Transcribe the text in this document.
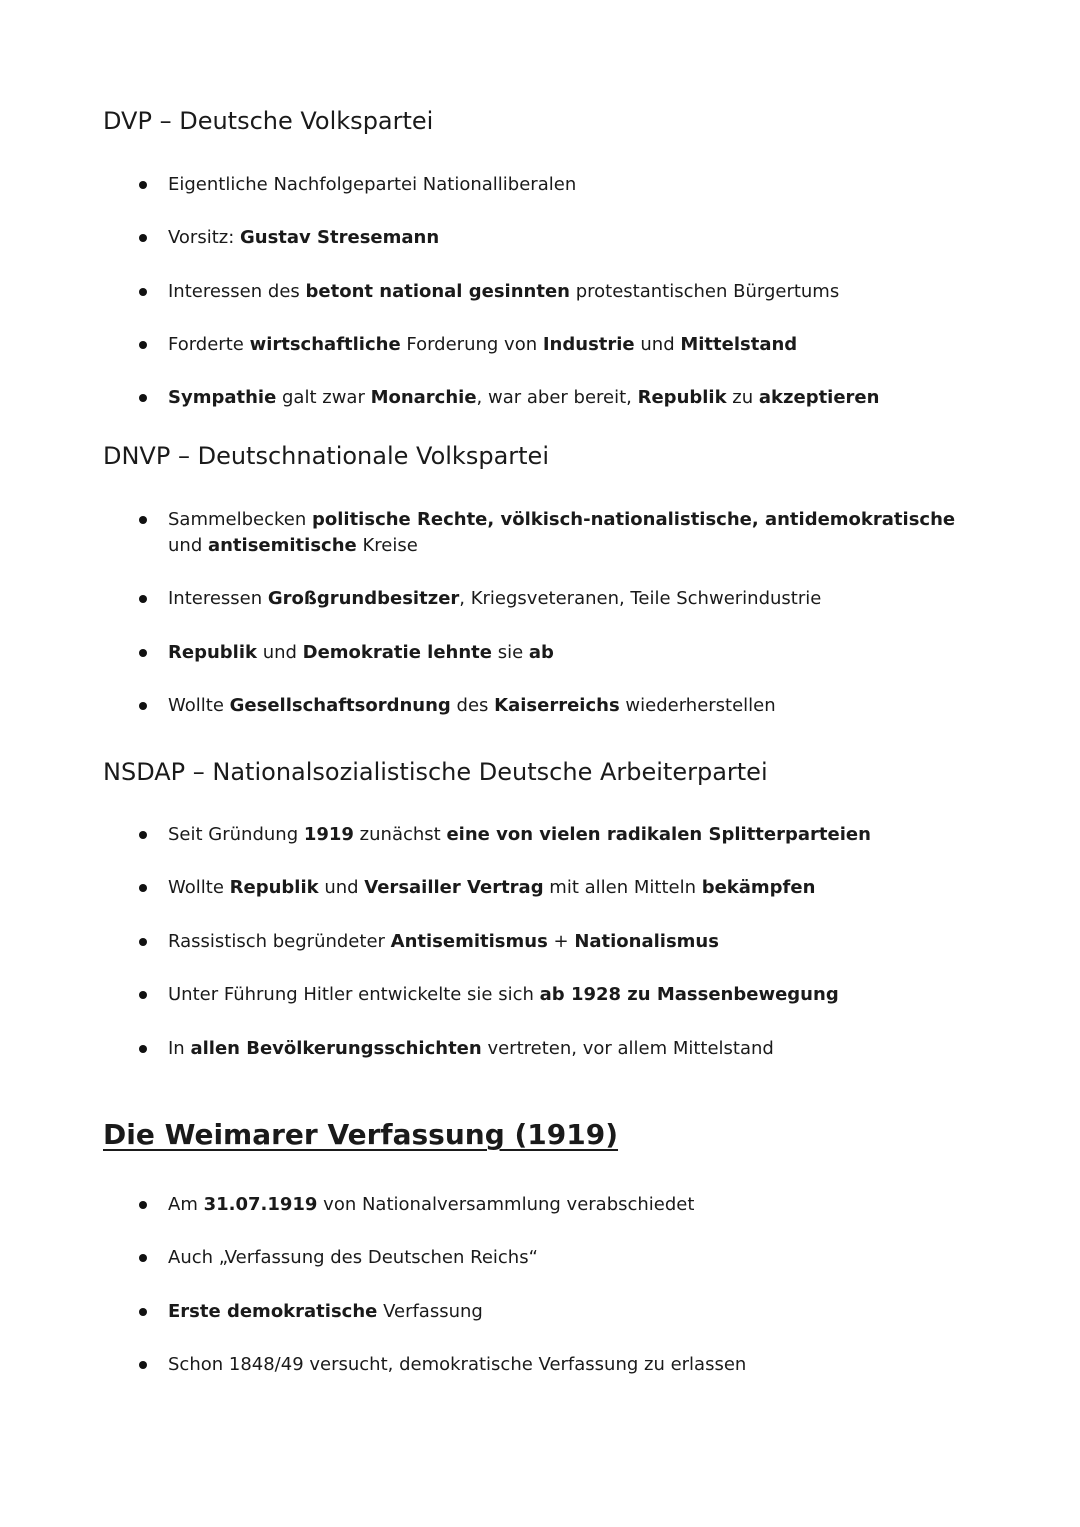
DVP – Deutsche Volkspartei
Eigentliche Nachfolgepartei Nationalliberalen
Vorsitz: Gustav Stresemann
Interessen des betont national gesinnten protestantischen Bürgertums
Forderte wirtschaftliche Forderung von Industrie und Mittelstand
Sympathie galt zwar Monarchie, war aber bereit, Republik zu akzeptieren
DNVP – Deutschnationale Volkspartei
Sammelbecken politische Rechte, völkisch-nationalistische, antidemokratische und antisemitische Kreise
Interessen Großgrundbesitzer, Kriegsveteranen, Teile Schwerindustrie
Republik und Demokratie lehnte sie ab
Wollte Gesellschaftsordnung des Kaiserreichs wiederherstellen
NSDAP – Nationalsozialistische Deutsche Arbeiterpartei
Seit Gründung 1919 zunächst eine von vielen radikalen Splitterparteien
Wollte Republik und Versailler Vertrag mit allen Mitteln bekämpfen
Rassistisch begründeter Antisemitismus + Nationalismus
Unter Führung Hitler entwickelte sie sich ab 1928 zu Massenbewegung
In allen Bevölkerungsschichten vertreten, vor allem Mittelstand
Die Weimarer Verfassung (1919)
Am 31.07.1919 von Nationalversammlung verabschiedet
Auch „Verfassung des Deutschen Reichs“
Erste demokratische Verfassung
Schon 1848/49 versucht, demokratische Verfassung zu erlassen
